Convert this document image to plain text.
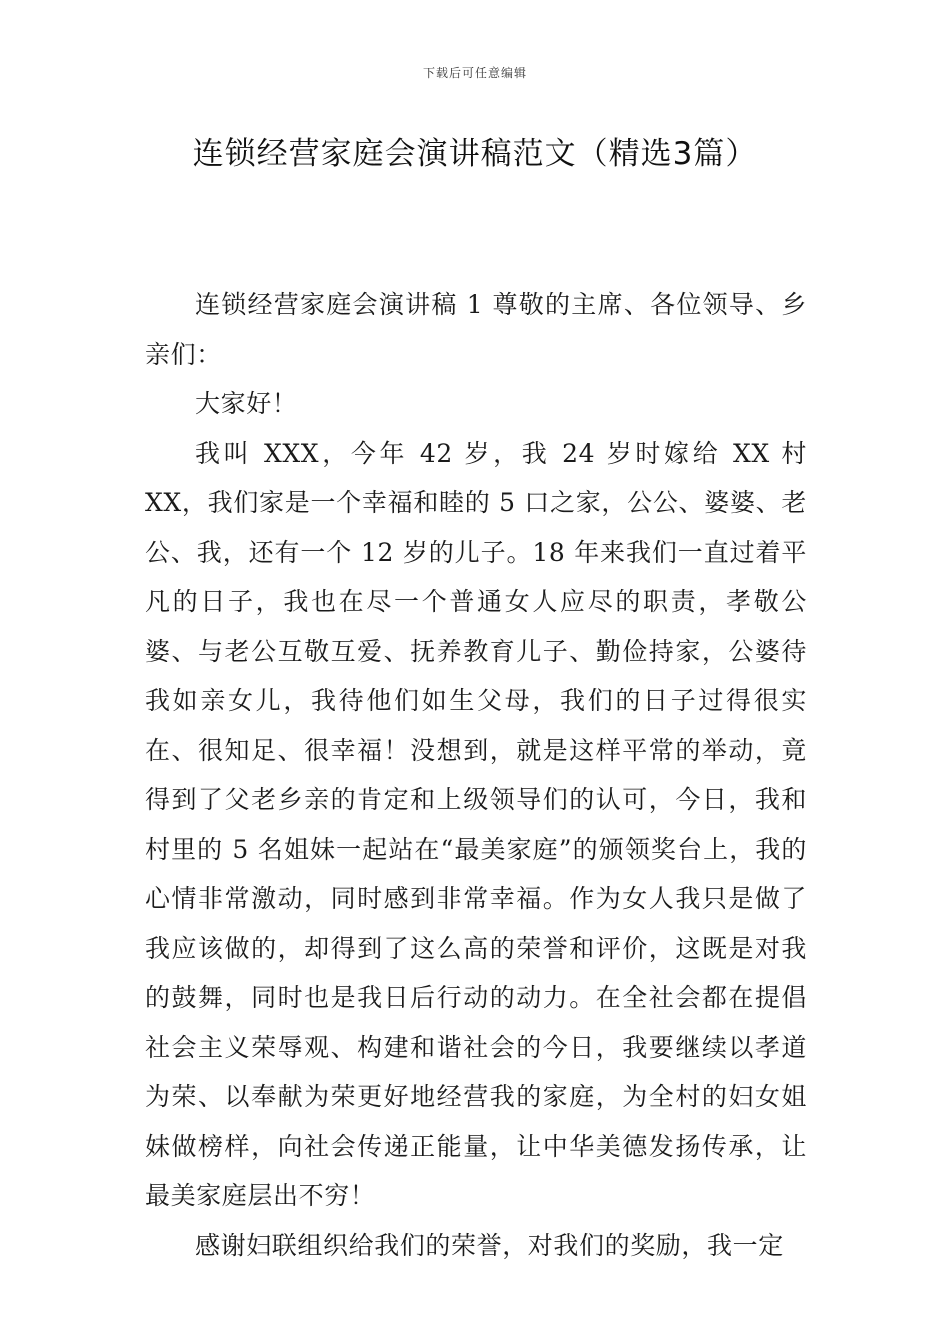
下载后可任意编辑
连锁经营家庭会演讲稿范文（精选3篇）

连锁经营家庭会演讲稿 1 尊敬的主席、各位领导、乡亲们：

大家好！

我叫 XXX，今年 42 岁，我 24 岁时嫁给 XX 村 XX，我们家是一个幸福和睦的 5 口之家，公公、婆婆、老公、我，还有一个 12 岁的儿子。18 年来我们一直过着平凡的日子，我也在尽一个普通女人应尽的职责，孝敬公婆、与老公互敬互爱、抚养教育儿子、勤俭持家，公婆待我如亲女儿，我待他们如生父母，我们的日子过得很实在、很知足、很幸福！没想到，就是这样平常的举动，竟得到了父老乡亲的肯定和上级领导们的认可，今日，我和村里的 5 名姐妹一起站在“最美家庭”的颁领奖台上，我的心情非常激动，同时感到非常幸福。作为女人我只是做了我应该做的，却得到了这么高的荣誉和评价，这既是对我的鼓舞，同时也是我日后行动的动力。在全社会都在提倡社会主义荣辱观、构建和谐社会的今日，我要继续以孝道为荣、以奉献为荣更好地经营我的家庭，为全村的妇女姐妹做榜样，向社会传递正能量，让中华美德发扬传承，让最美家庭层出不穷！

感谢妇联组织给我们的荣誉，对我们的奖励，我一定
